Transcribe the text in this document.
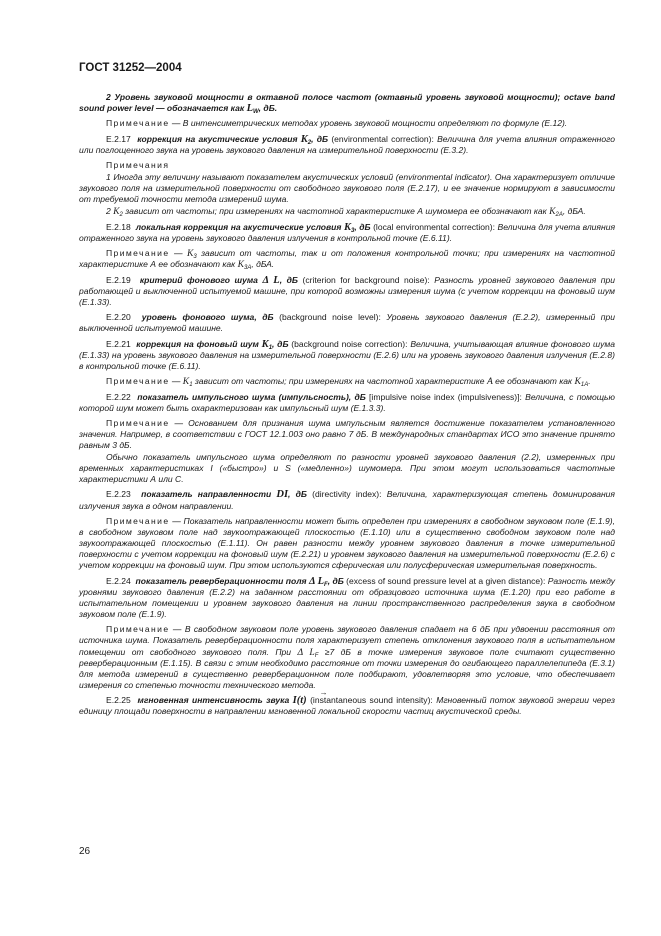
ГОСТ 31252—2004

2 Уровень звуковой мощности в октавной полосе частот (октавный уровень звуковой мощности); octave band sound power level — обозначается как $L_W$, дБ.

Примечание — В интенсиметрических методах уровень звуковой мощности определяют по формуле (Е.12).

Е.2.17 коррекция на акустические условия $K_2$, дБ (environmental correction): Величина для учета влияния отраженного или поглощенного звука на уровень звукового давления на измерительной поверхности (Е.3.2).

Примечания

1 Иногда эту величину называют показателем акустических условий (environmental indicator). Она характеризует отличие звукового поля на измерительной поверхности от свободного звукового поля (Е.2.17), и ее значение нормируют в зависимости от требуемой точности метода измерений шума.

2 $K_2$ зависит от частоты; при измерениях на частотной характеристике А шумомера ее обозначают как $K_{2A}$, дБА.

Е.2.18 локальная коррекция на акустические условия $K_3$, дБ (local environmental correction): Величина для учета влияния отраженного звука на уровень звукового давления излучения в контрольной точке (Е.6.11).

Примечание — $K_3$ зависит от частоты, так и от положения контрольной точки; при измерениях на частотной характеристике А ее обозначают как $K_{3A}$, дБА.

Е.2.19 критерий фонового шума Δ L, дБ (criterion for background noise): Разность уровней звукового давления при работающей и выключенной испытуемой машине, при которой возможны измерения шума (с учетом коррекции на фоновый шум (Е.1.33).

Е.2.20 уровень фонового шума, дБ (background noise level): Уровень звукового давления (Е.2.2), измеренный при выключенной испытуемой машине.

Е.2.21 коррекция на фоновый шум $K_1$, дБ (background noise correction): Величина, учитывающая влияние фонового шума (Е.1.33) на уровень звукового давления на измерительной поверхности (Е.2.6) или на уровень звукового давления излучения (Е.2.8) в контрольной точке (Е.6.11).

Примечание — $K_1$ зависит от частоты; при измерениях на частотной характеристике A ее обозначают как $K_{1A}$.

Е.2.22 показатель импульсного шума (импульсность), дБ [impulsive noise index (impulsiveness)]: Величина, с помощью которой шум может быть охарактеризован как импульсный шум (Е.1.3.3).

Примечание — Основанием для признания шума импульсным является достижение показателем установленного значения. Например, в соответствии с ГОСТ 12.1.003 оно равно 7 дБ. В международных стандартах ИСО это значение принято равным 3 дБ.

Обычно показатель импульсного шума определяют по разности уровней звукового давления (2.2), измеренных при временных характеристиках I («быстро») и S («медленно») шумомера. При этом могут использоваться частотные характеристики А или С.

Е.2.23 показатель направленности DI, дБ (directivity index): Величина, характеризующая степень доминирования излучения звука в одном направлении.

Примечание — Показатель направленности может быть определен при измерениях в свободном звуковом поле (Е.1.9), в свободном звуковом поле над звукоотражающей плоскостью (Е.1.10) или в существенно свободном звуковом поле над звукоотражающей плоскостью (Е.1.11). Он равен разности между уровнем звукового давления в точке измерительной поверхности с учетом коррекции на фоновый шум (Е.2.21) и уровнем звукового давления на измерительной поверхности (Е.2.6) с учетом коррекции на фоновый шум. При этом используются сферическая или полусферическая измерительная поверхность.

Е.2.24 показатель реверберационности поля Δ $L_F$, дБ (excess of sound pressure level at a given distance): Разность между уровнями звукового давления (Е.2.2) на заданном расстоянии от образцового источника шума (Е.1.20) при его работе в испытательном помещении и уровнем звукового давления на линии пространственного распределения звука в свободном звуковом поле (Е.1.9).

Примечание — В свободном звуковом поле уровень звукового давления спадает на 6 дБ при удвоении расстояния от источника шума. Показатель реверберационности поля характеризует степень отклонения звукового поля в испытательном помещении от свободного звукового поля. При Δ $L_F \ge 7$ дБ в точке измерения звуковое поле считают существенно реверберационным (Е.1.15). В связи с этим необходимо расстояние от точки измерения до огибающего параллелепипеда (Е.3.1) для метода измерений в существенно реверберационном поле подбирают, удовлетворяя это условие, что обеспечивает измерения со степенью точности технического метода.

Е.2.25 мгновенная интенсивность звука I
→
(t) (instantaneous sound intensity): Мгновенный поток звуковой энергии через единицу площади поверхности в направлении мгновенной локальной скорости частиц акустической среды.

26
